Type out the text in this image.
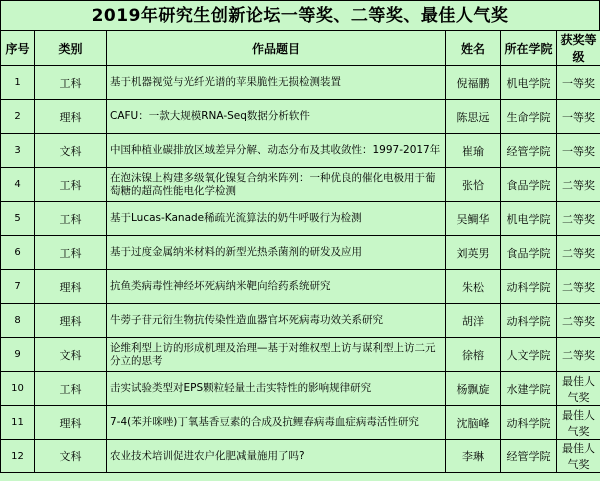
2019年研究生创新论坛一等奖、二等奖、最佳人气奖
序号	类别	作品题目	姓名	所在学院	获奖等级
1	工科	基于机器视觉与光纤光谱的苹果脆性无损检测装置	倪福鹏	机电学院	一等奖
2	理科	CAFU：一款大规模RNA-Seq数据分析软件	陈思远	生命学院	一等奖
3	文科	中国种植业碳排放区域差异分解、动态分布及其收敛性：1997-2017年	崔瑜	经管学院	一等奖
4	工科	在泡沫镍上构建多级氧化镍复合纳米阵列：一种优良的催化电极用于葡萄糖的超高性能电化学检测	张恰	食品学院	二等奖
5	工科	基于Lucas-Kanade稀疏光流算法的奶牛呼吸行为检测	吴鲷华	机电学院	二等奖
6	工科	基于过度金属纳米材料的新型光热杀菌剂的研发及应用	刘英男	食品学院	二等奖
7	理科	抗鱼类病毒性神经坏死病纳米靶向给药系统研究	朱松	动科学院	二等奖
8	理科	牛蒡子苷元衍生物抗传染性造血器官坏死病毒功效关系研究	胡洋	动科学院	二等奖
9	文科	论维利型上访的形成机理及治理—基于对维权型上访与谋利型上访二元分立的思考	徐榕	人文学院	二等奖
10	工科	击实试验类型对EPS颗粒轻量土击实特性的影响规律研究	杨飘旋	水建学院	最佳人气奖
11	理科	7-4(苯并咪唑)丁氧基香豆素的合成及抗鲤春病毒血症病毒活性研究	沈脑峰	动科学院	最佳人气奖
12	文科	农业技术培训促进农户化肥减量施用了吗?	李琳	经管学院	最佳人气奖
